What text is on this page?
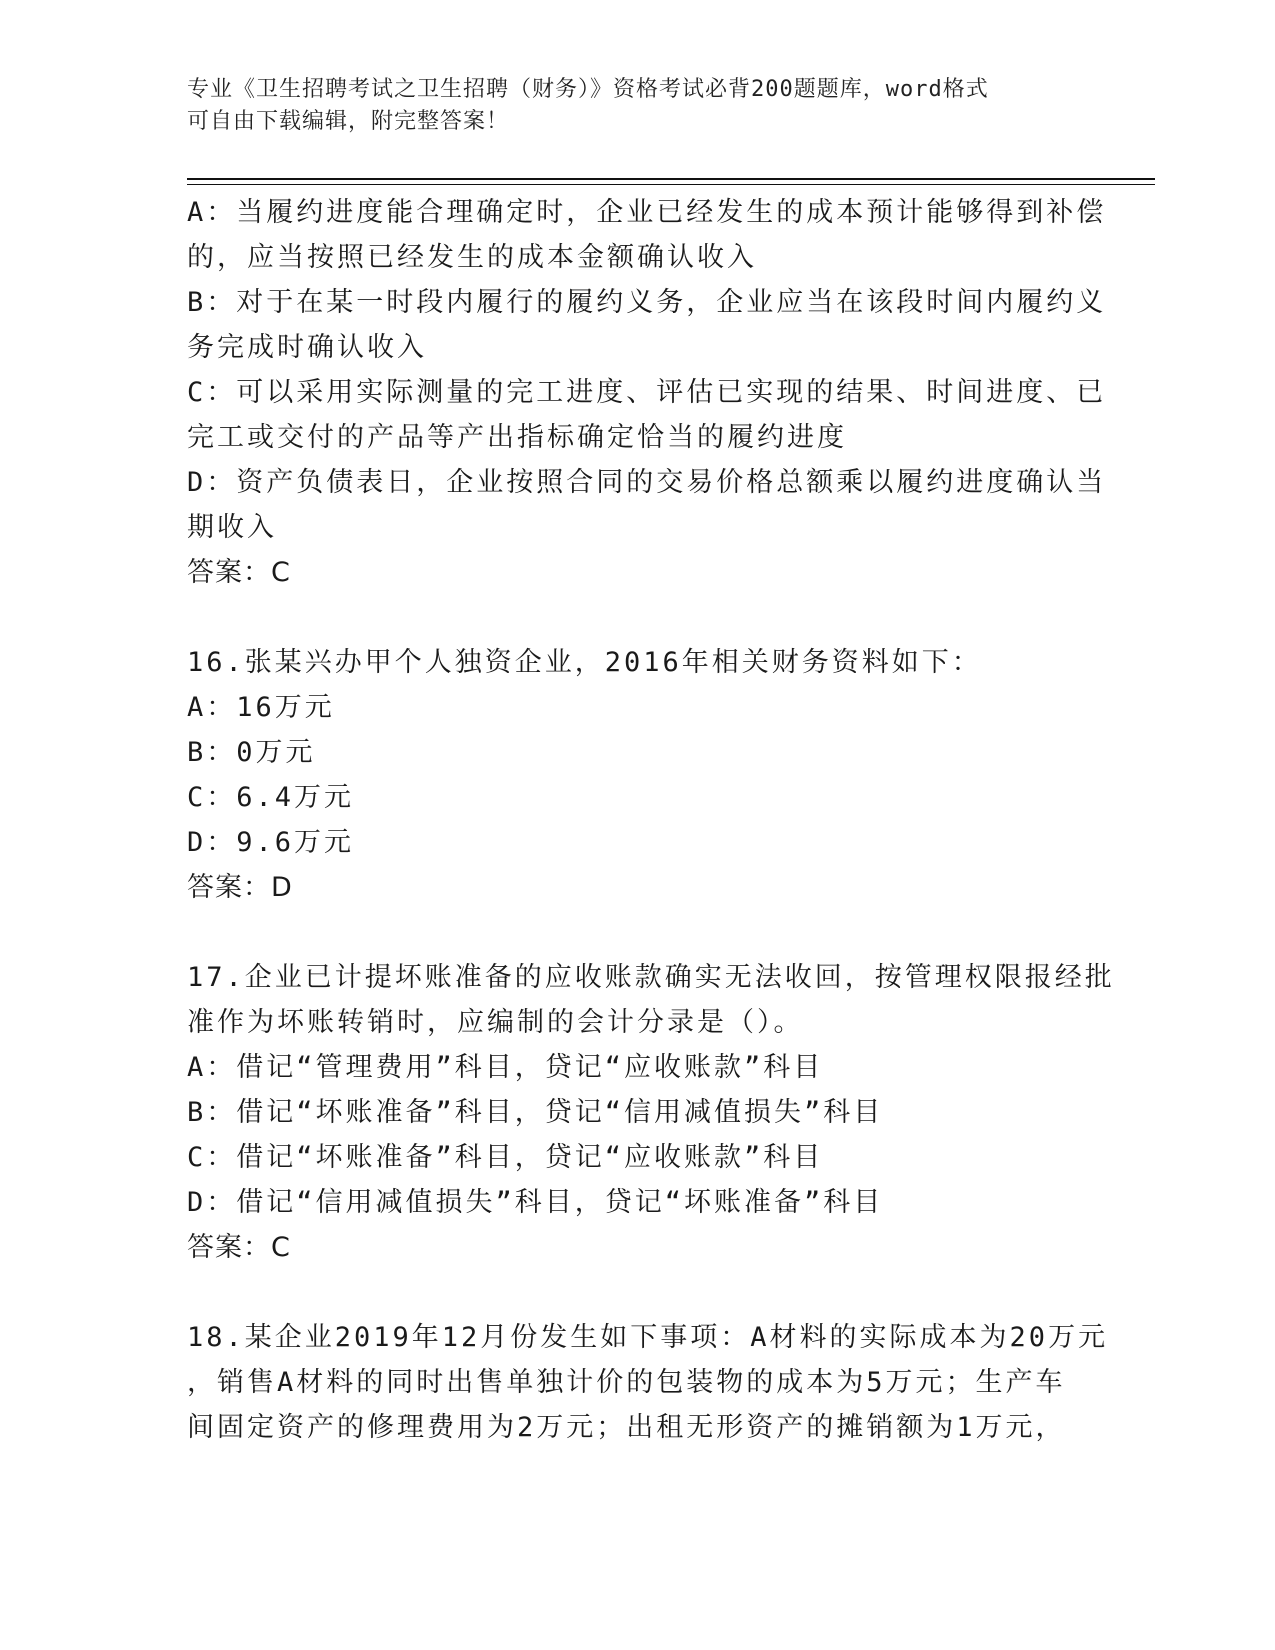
专业《卫生招聘考试之卫生招聘（财务）》资格考试必背200题题库，word格式
可自由下载编辑，附完整答案！
A：当履约进度能合理确定时，企业已经发生的成本预计能够得到补偿
的，应当按照已经发生的成本金额确认收入
B：对于在某一时段内履行的履约义务，企业应当在该段时间内履约义
务完成时确认收入
C：可以采用实际测量的完工进度、评估已实现的结果、时间进度、已
完工或交付的产品等产出指标确定恰当的履约进度
D：资产负债表日，企业按照合同的交易价格总额乘以履约进度确认当
期收入
答案：C
16.张某兴办甲个人独资企业，2016年相关财务资料如下：
A：16万元
B：0万元
C：6.4万元
D：9.6万元
答案：D
17.企业已计提坏账准备的应收账款确实无法收回，按管理权限报经批
准作为坏账转销时，应编制的会计分录是（）。
A：借记“管理费用”科目，贷记“应收账款”科目
B：借记“坏账准备”科目，贷记“信用减值损失”科目
C：借记“坏账准备”科目，贷记“应收账款”科目
D：借记“信用减值损失”科目，贷记“坏账准备”科目
答案：C
18.某企业2019年12月份发生如下事项：A材料的实际成本为20万元
，销售A材料的同时出售单独计价的包装物的成本为5万元；生产车
间固定资产的修理费用为2万元；出租无形资产的摊销额为1万元，
